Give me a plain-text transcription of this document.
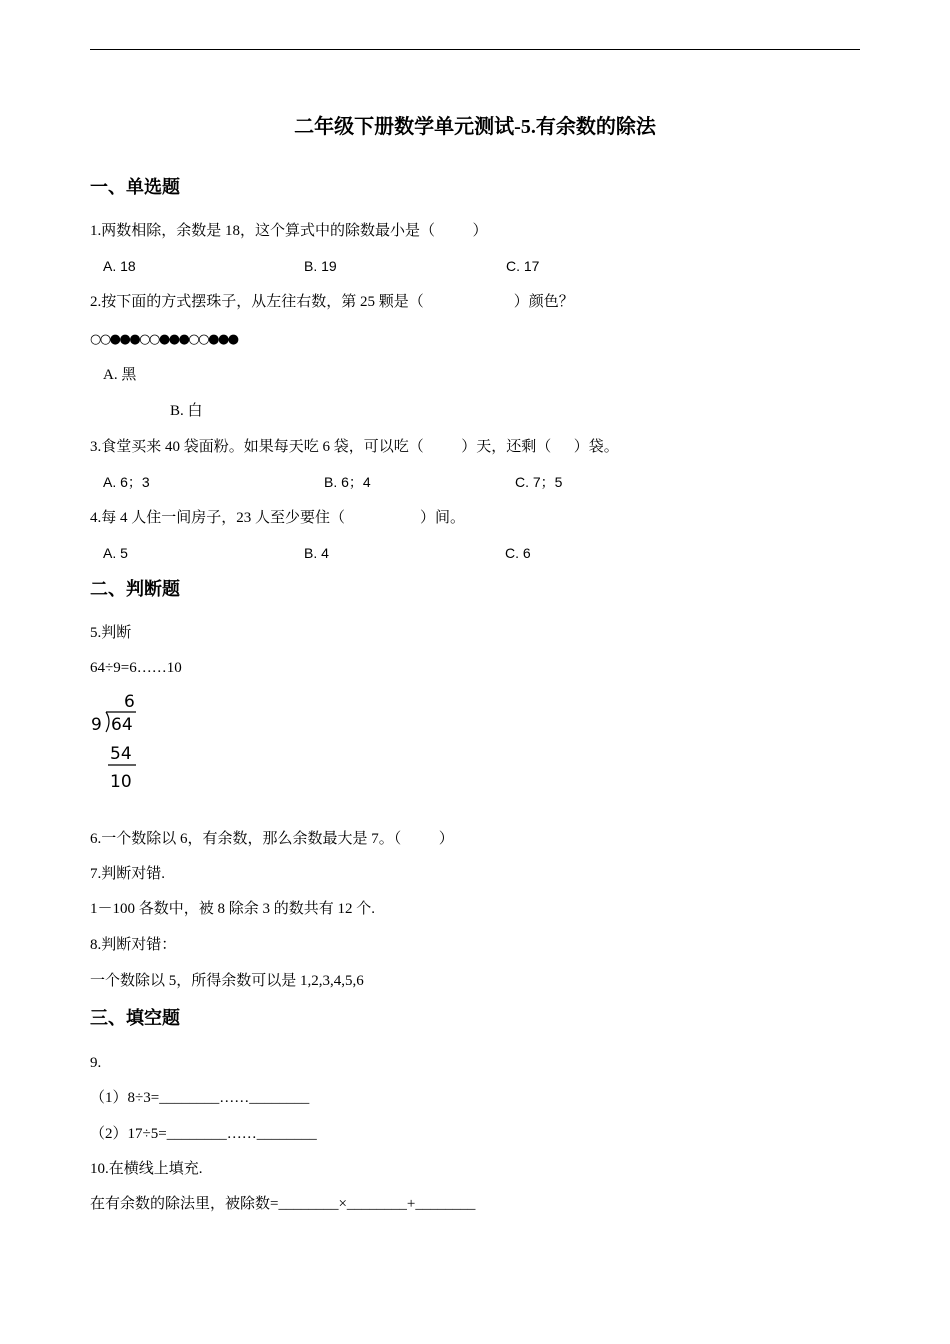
二年级下册数学单元测试-5.有余数的除法
一、单选题
1.两数相除，余数是 18，这个算式中的除数最小是（          ）
A. 18	B. 19	C. 17
2.按下面的方式摆珠子，从左往右数，第 25 颗是（                        ）颜色？
○○●●●○○●●●○○●●●
A. 黑
B. 白
3.食堂买来 40 袋面粉。如果每天吃 6 袋，可以吃（          ）天，还剩（      ）袋。
A. 6；3	B. 6；4	C. 7；5
4.每 4 人住一间房子，23 人至少要住（                    ）间。
A. 5	B. 4	C. 6
二、判断题
5.判断
64÷9=6……10
6
9 64
54
10
6.一个数除以 6，有余数，那么余数最大是 7。（          ）
7.判断对错.
1－100 各数中，被 8 除余 3 的数共有 12 个.
8.判断对错：
一个数除以 5，所得余数可以是 1,2,3,4,5,6
三、填空题
9.
（1）8÷3=________……________
（2）17÷5=________……________
10.在横线上填充.
在有余数的除法里，被除数=________×________+________
